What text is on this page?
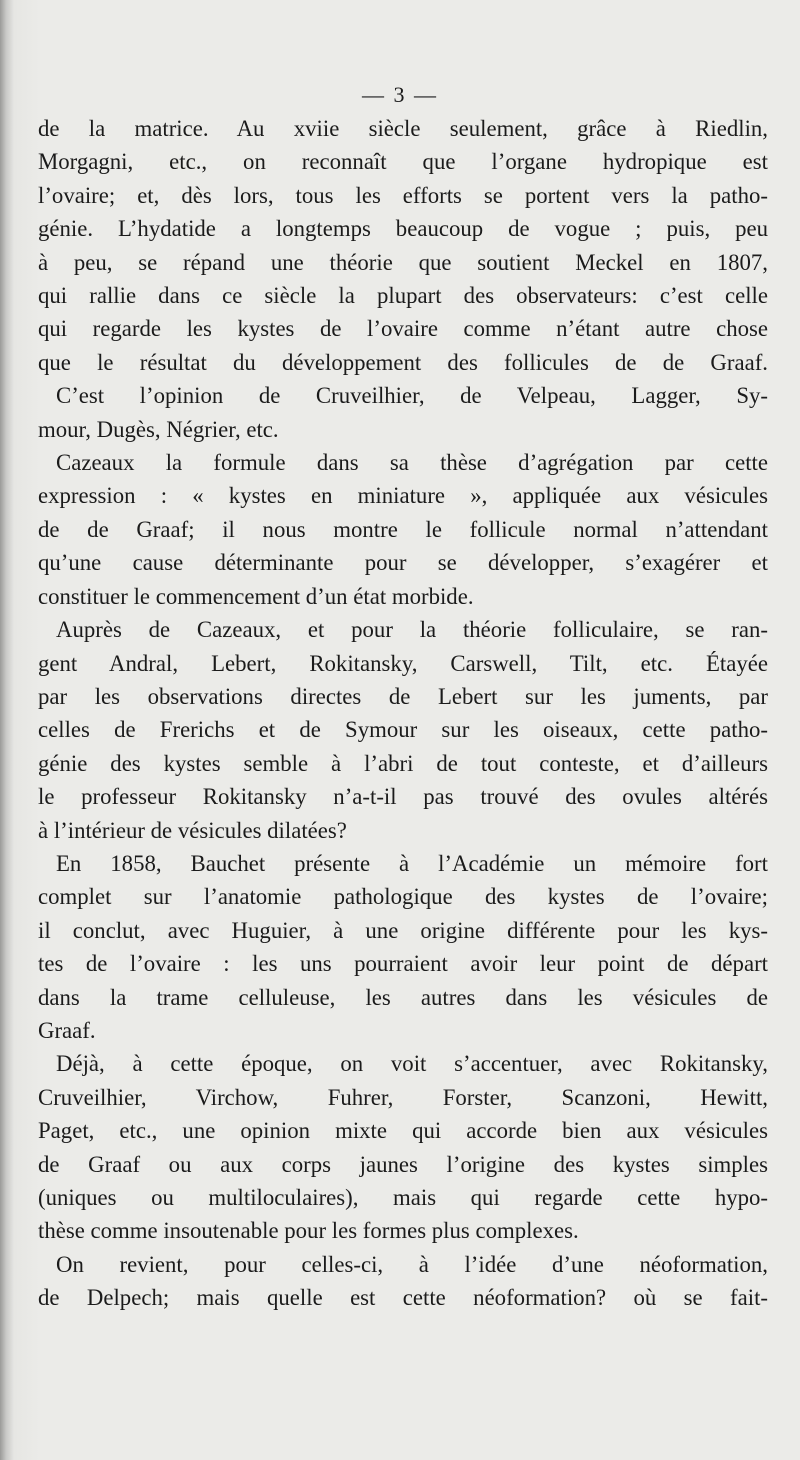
— 3 —
de la matrice. Au xviie siècle seulement, grâce à Riedlin,
Morgagni, etc., on reconnaît que l’organe hydropique est
l’ovaire; et, dès lors, tous les efforts se portent vers la patho-
génie. L’hydatide a longtemps beaucoup de vogue ; puis, peu
à peu, se répand une théorie que soutient Meckel en 1807,
qui rallie dans ce siècle la plupart des observateurs: c’est celle
qui regarde les kystes de l’ovaire comme n’étant autre chose
que le résultat du développement des follicules de de Graaf.
C’est l’opinion de Cruveilhier, de Velpeau, Lagger, Sy-
mour, Dugès, Négrier, etc.
Cazeaux la formule dans sa thèse d’agrégation par cette
expression : « kystes en miniature », appliquée aux vésicules
de de Graaf; il nous montre le follicule normal n’attendant
qu’une cause déterminante pour se développer, s’exagérer et
constituer le commencement d’un état morbide.
Auprès de Cazeaux, et pour la théorie folliculaire, se ran-
gent Andral, Lebert, Rokitansky, Carswell, Tilt, etc. Étayée
par les observations directes de Lebert sur les juments, par
celles de Frerichs et de Symour sur les oiseaux, cette patho-
génie des kystes semble à l’abri de tout conteste, et d’ailleurs
le professeur Rokitansky n’a-t-il pas trouvé des ovules altérés
à l’intérieur de vésicules dilatées?
En 1858, Bauchet présente à l’Académie un mémoire fort
complet sur l’anatomie pathologique des kystes de l’ovaire;
il conclut, avec Huguier, à une origine différente pour les kys-
tes de l’ovaire : les uns pourraient avoir leur point de départ
dans la trame celluleuse, les autres dans les vésicules de
Graaf.
Déjà, à cette époque, on voit s’accentuer, avec Rokitansky,
Cruveilhier, Virchow, Fuhrer, Forster, Scanzoni, Hewitt,
Paget, etc., une opinion mixte qui accorde bien aux vésicules
de Graaf ou aux corps jaunes l’origine des kystes simples
(uniques ou multiloculaires), mais qui regarde cette hypo-
thèse comme insoutenable pour les formes plus complexes.
On revient, pour celles-ci, à l’idée d’une néoformation,
de Delpech; mais quelle est cette néoformation? où se fait-
